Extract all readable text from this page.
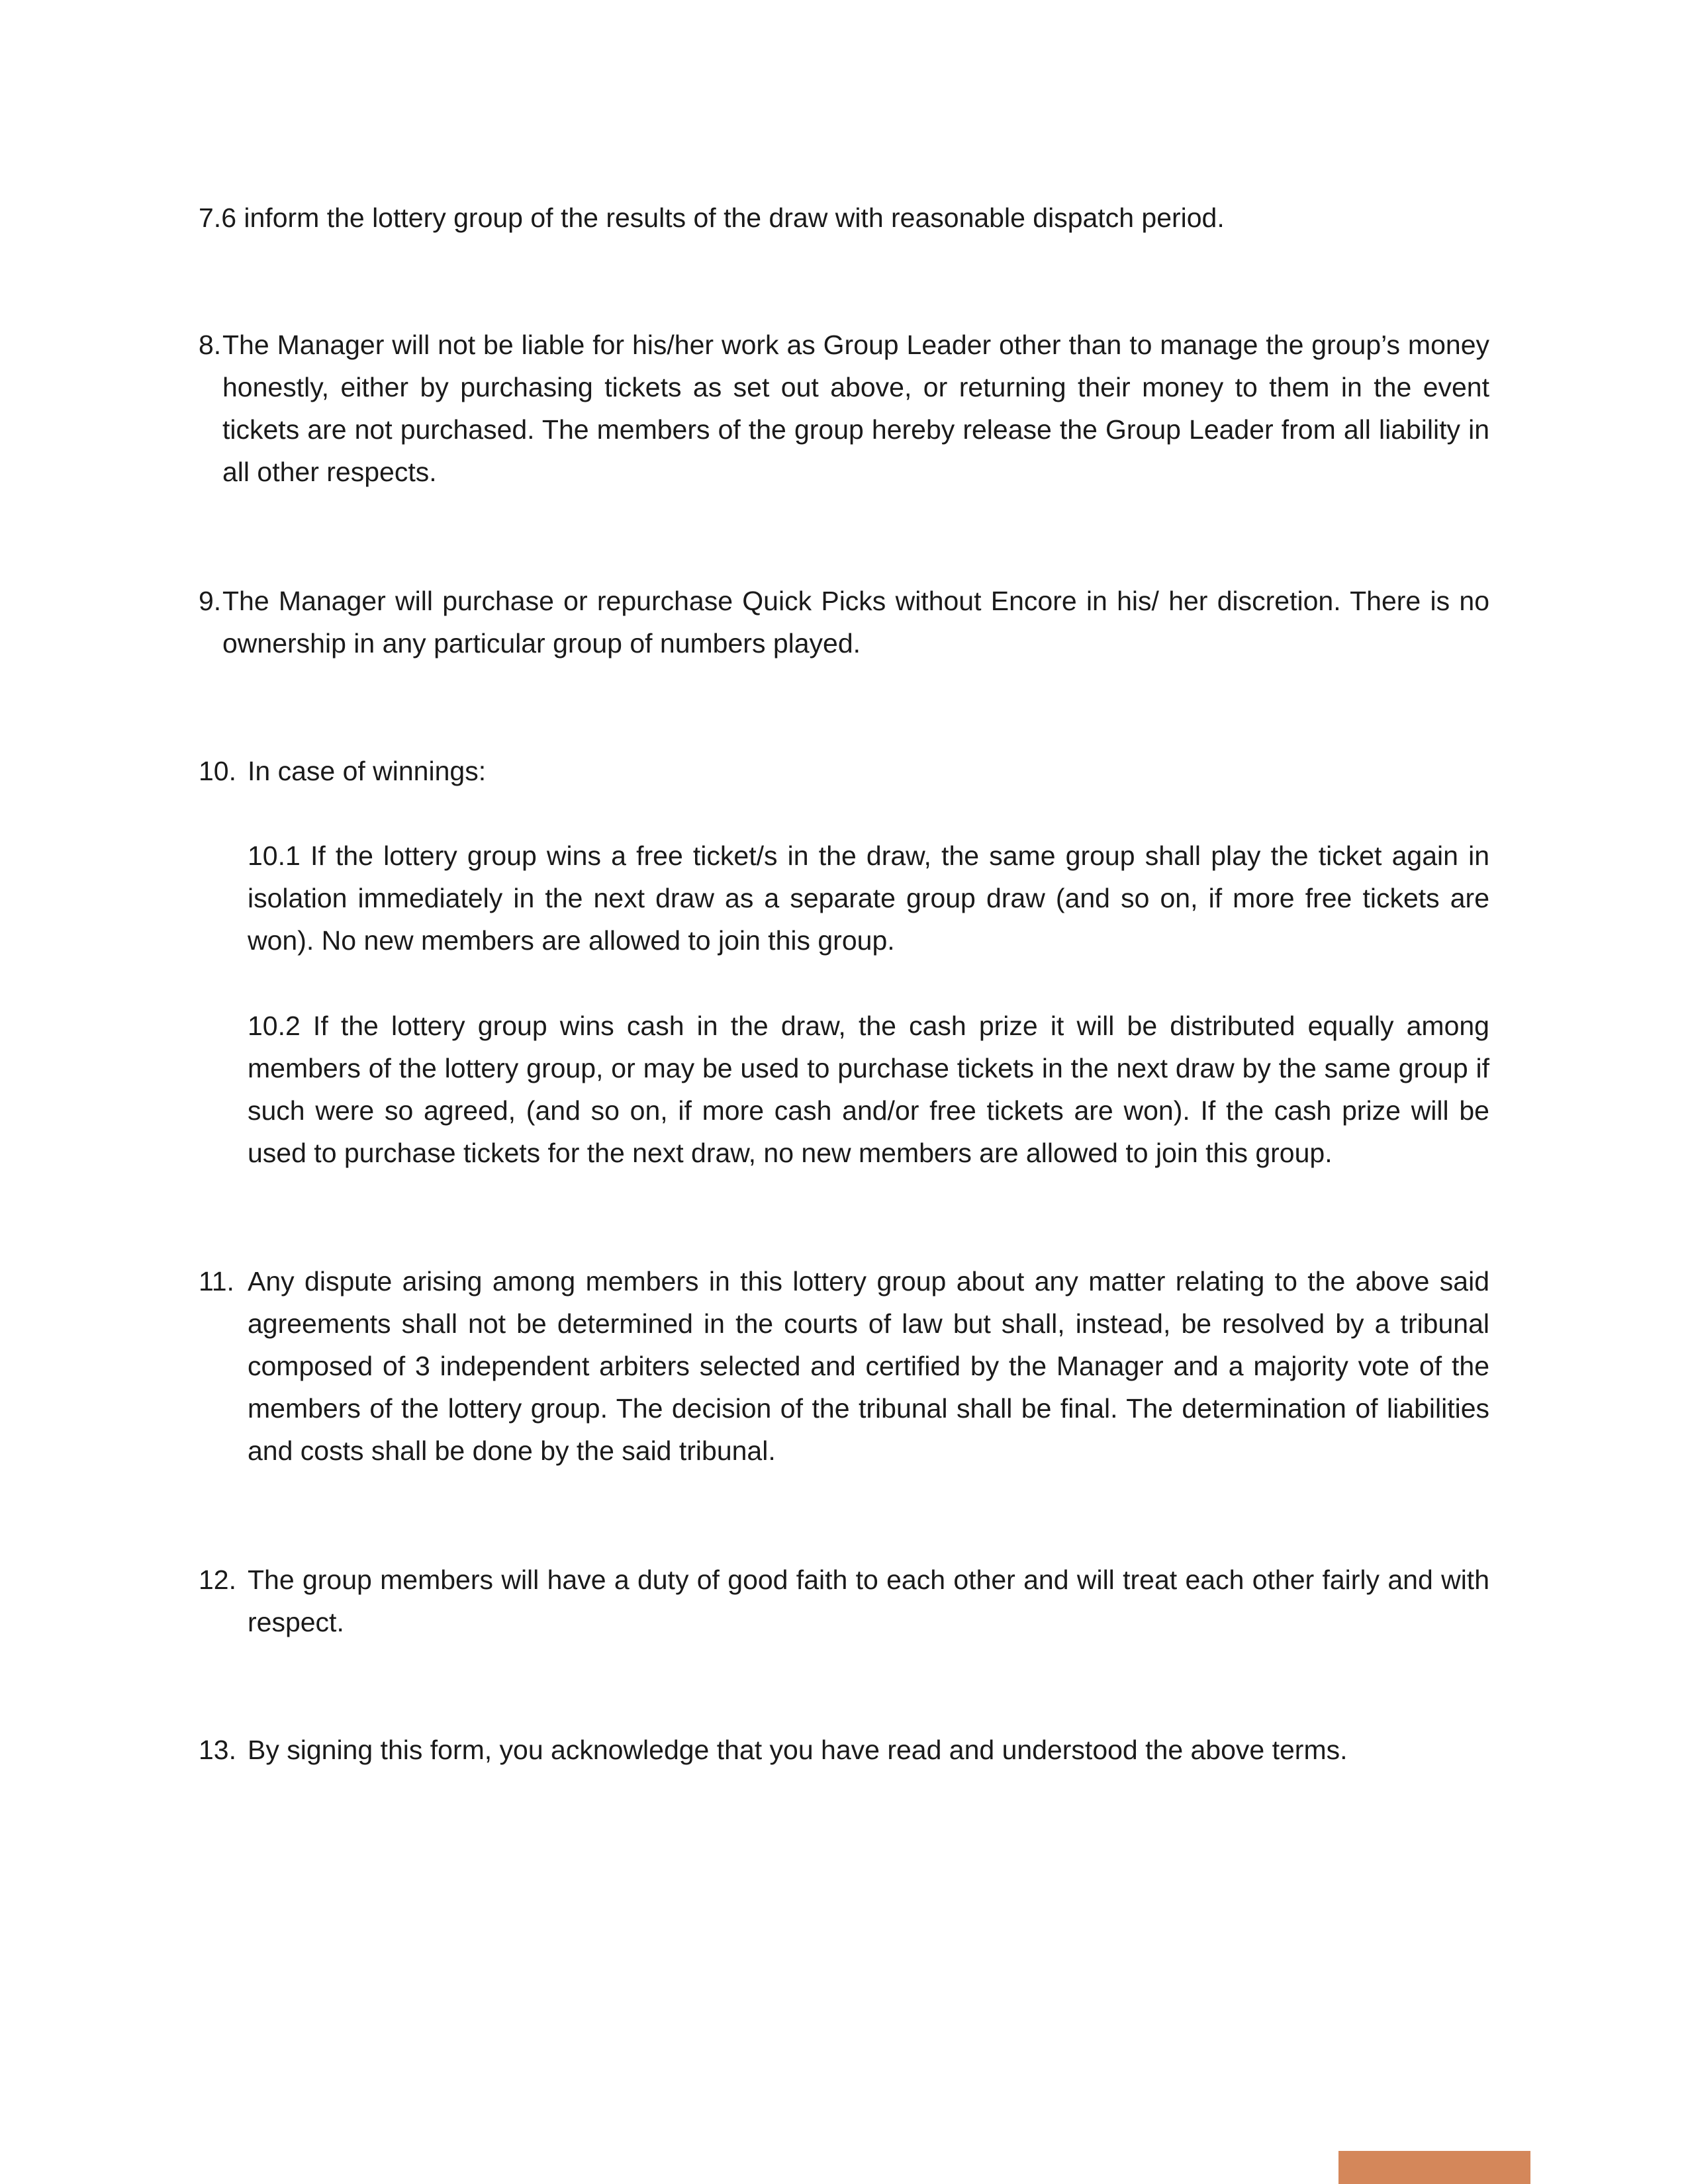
7.6 inform the lottery group of the results of the draw with reasonable dispatch period.

8. The Manager will not be liable for his/her work as Group Leader other than to manage the group’s money honestly, either by purchasing tickets as set out above, or returning their money to them in the event tickets are not purchased. The members of the group hereby release the Group Leader from all liability in all other respects.

9. The Manager will purchase or repurchase Quick Picks without Encore in his/ her discretion. There is no ownership in any particular group of numbers played.

10. In case of winnings:

10.1 If the lottery group wins a free ticket/s in the draw, the same group shall play the ticket again in isolation immediately in the next draw as a separate group draw (and so on, if more free tickets are won). No new members are allowed to join this group.

10.2 If the lottery group wins cash in the draw, the cash prize it will be distributed equally among members of the lottery group, or may be used to purchase tickets in the next draw by the same group if such were so agreed, (and so on, if more cash and/or free tickets are won). If the cash prize will be used to purchase tickets for the next draw, no new members are allowed to join this group.

11. Any dispute arising among members in this lottery group about any matter relating to the above said agreements shall not be determined in the courts of law but shall, instead, be resolved by a tribunal composed of 3 independent arbiters selected and certified by the Manager and a majority vote of the members of the lottery group. The decision of the tribunal shall be final. The determination of liabilities and costs shall be done by the said tribunal.

12. The group members will have a duty of good faith to each other and will treat each other fairly and with respect.

13. By signing this form, you acknowledge that you have read and understood the above terms.
